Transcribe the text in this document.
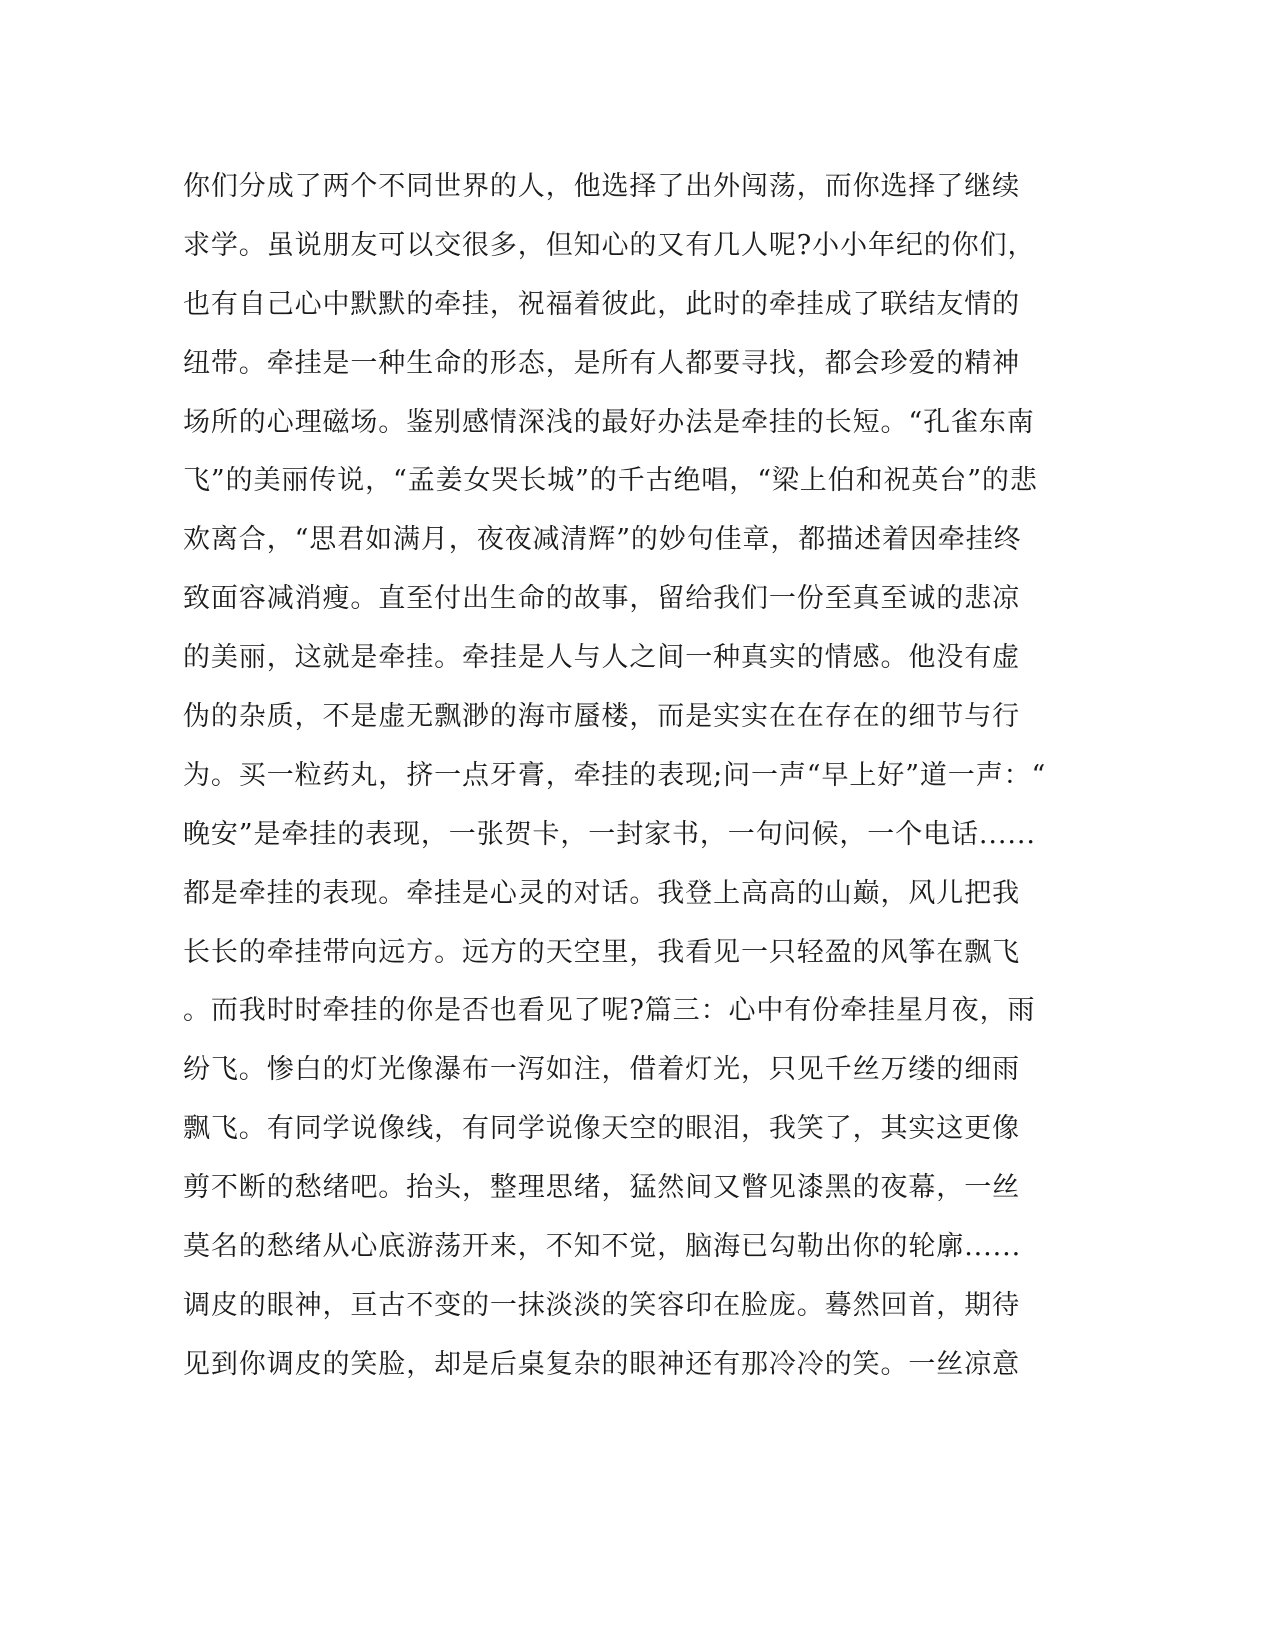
你们分成了两个不同世界的人，他选择了出外闯荡，而你选择了继续
求学。虽说朋友可以交很多，但知心的又有几人呢?小小年纪的你们，
也有自己心中默默的牵挂，祝福着彼此，此时的牵挂成了联结友情的
纽带。牵挂是一种生命的形态，是所有人都要寻找，都会珍爱的精神
场所的心理磁场。鉴别感情深浅的最好办法是牵挂的长短。“孔雀东南
飞”的美丽传说，“孟姜女哭长城”的千古绝唱，“梁上伯和祝英台”的悲
欢离合，“思君如满月，夜夜减清辉”的妙句佳章，都描述着因牵挂终
致面容减消瘦。直至付出生命的故事，留给我们一份至真至诚的悲凉
的美丽，这就是牵挂。牵挂是人与人之间一种真实的情感。他没有虚
伪的杂质，不是虚无飘渺的海市蜃楼，而是实实在在存在的细节与行
为。买一粒药丸，挤一点牙膏，牵挂的表现;问一声“早上好”道一声：“
晚安”是牵挂的表现，一张贺卡，一封家书，一句问候，一个电话......
都是牵挂的表现。牵挂是心灵的对话。我登上高高的山巅，风儿把我
长长的牵挂带向远方。远方的天空里，我看见一只轻盈的风筝在飘飞
。而我时时牵挂的你是否也看见了呢?篇三：心中有份牵挂星月夜，雨
纷飞。惨白的灯光像瀑布一泻如注，借着灯光，只见千丝万缕的细雨
飘飞。有同学说像线，有同学说像天空的眼泪，我笑了，其实这更像
剪不断的愁绪吧。抬头，整理思绪，猛然间又瞥见漆黑的夜幕，一丝
莫名的愁绪从心底游荡开来，不知不觉，脑海已勾勒出你的轮廓......
调皮的眼神，亘古不变的一抹淡淡的笑容印在脸庞。蓦然回首，期待
见到你调皮的笑脸，却是后桌复杂的眼神还有那冷冷的笑。一丝凉意
